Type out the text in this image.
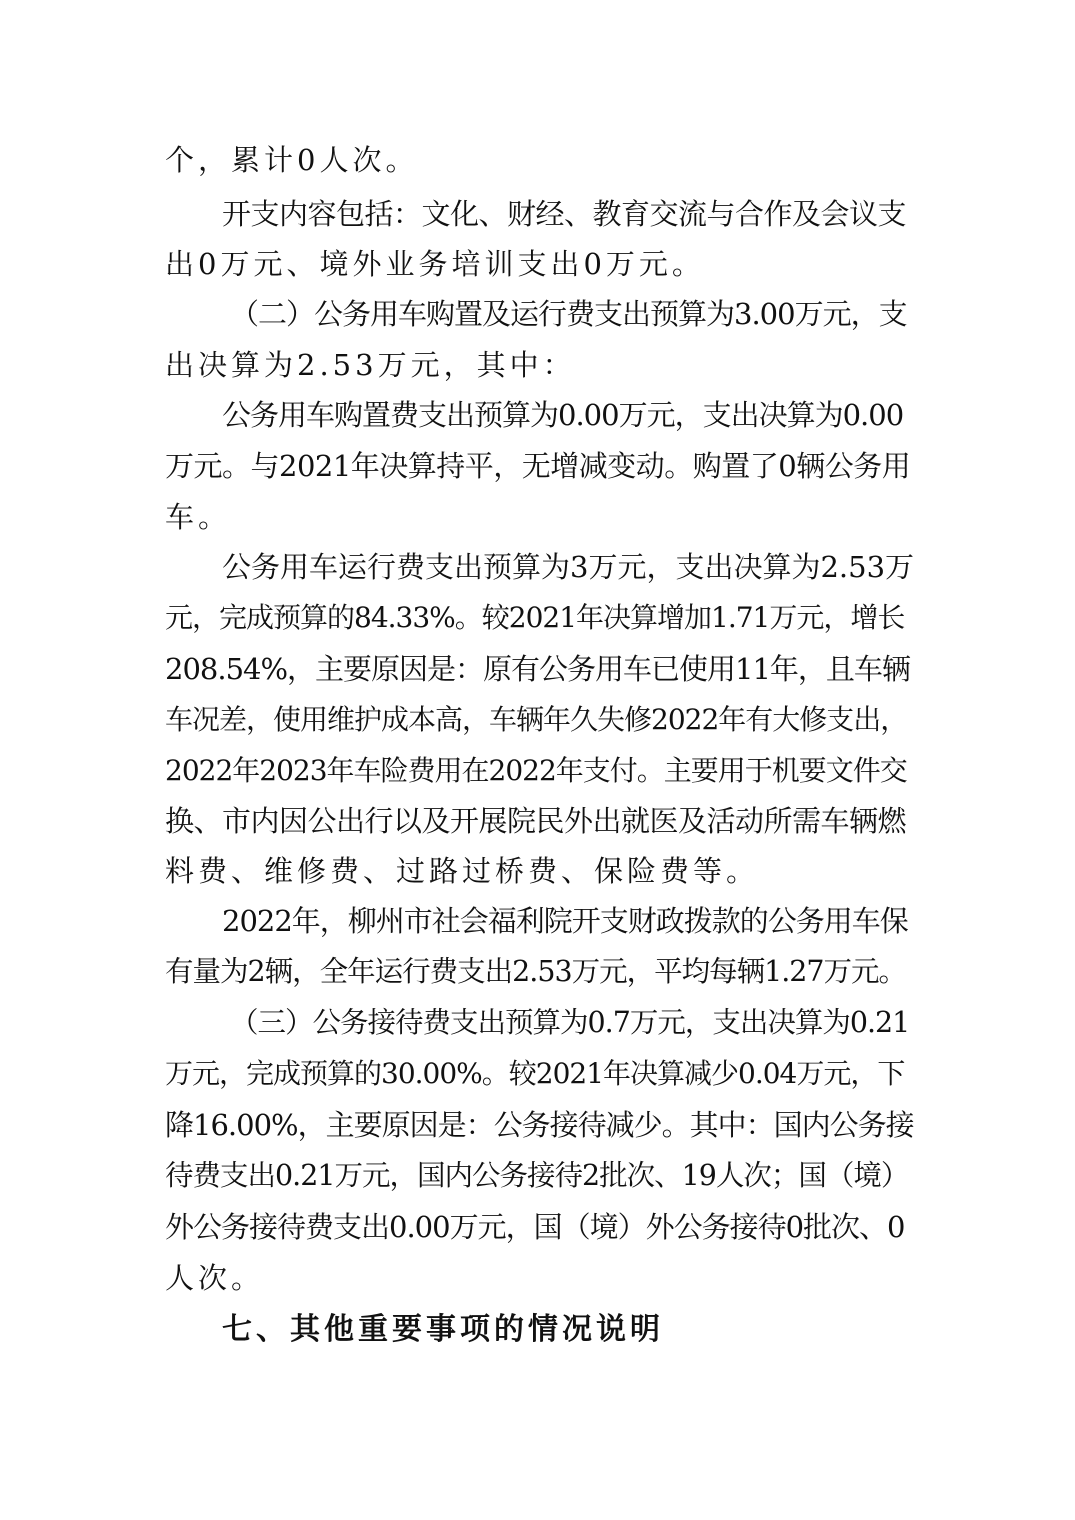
个，累计0人次。
开支内容包括：文化、财经、教育交流与合作及会议支
出0万元、境外业务培训支出0万元。
（二）公务用车购置及运行费支出预算为3.00万元，支
出决算为2.53万元，其中：
公务用车购置费支出预算为0.00万元，支出决算为0.00
万元。与2021年决算持平，无增减变动。购置了0辆公务用
车。
公务用车运行费支出预算为3万元，支出决算为2.53万
元，完成预算的84.33%。较2021年决算增加1.71万元，增长
208.54%，主要原因是：原有公务用车已使用11年，且车辆
车况差，使用维护成本高，车辆年久失修2022年有大修支出，
2022年2023年车险费用在2022年支付。主要用于机要文件交
换、市内因公出行以及开展院民外出就医及活动所需车辆燃
料费、维修费、过路过桥费、保险费等。
2022年，柳州市社会福利院开支财政拨款的公务用车保
有量为2辆，全年运行费支出2.53万元，平均每辆1.27万元。
（三）公务接待费支出预算为0.7万元，支出决算为0.21
万元，完成预算的30.00%。较2021年决算减少0.04万元，下
降16.00%，主要原因是：公务接待减少。其中：国内公务接
待费支出0.21万元，国内公务接待2批次、19人次；国（境）
外公务接待费支出0.00万元，国（境）外公务接待0批次、0
人次。
七、其他重要事项的情况说明
